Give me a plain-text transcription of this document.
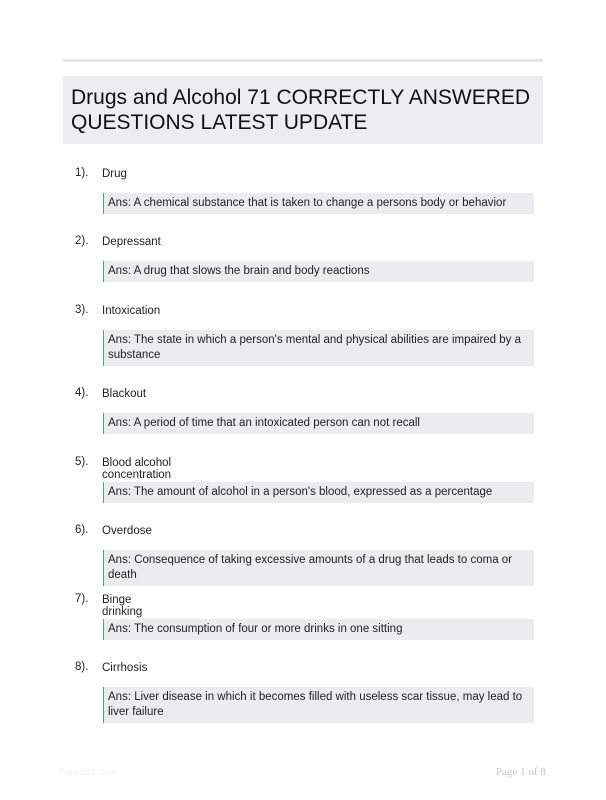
Drugs and Alcohol 71 CORRECTLY ANSWERED QUESTIONS LATEST UPDATE
1). Drug
Ans: A chemical substance that is taken to change a persons body or behavior
2). Depressant
Ans: A drug that slows the brain and body reactions
3). Intoxication
Ans: The state in which a person's mental and physical abilities are impaired by a substance
4). Blackout
Ans: A period of time that an intoxicated person can not recall
5). Blood alcohol concentration
Ans: The amount of alcohol in a person's blood, expressed as a percentage
6). Overdose
Ans: Consequence of taking excessive amounts of a drug that leads to coma or death
7). Binge drinking
Ans: The consumption of four or more drinks in one sitting
8). Cirrhosis
Ans: Liver disease in which it becomes filled with useless scar tissue, may lead to liver failure
Paperbbc.com	Page 1 of 8
